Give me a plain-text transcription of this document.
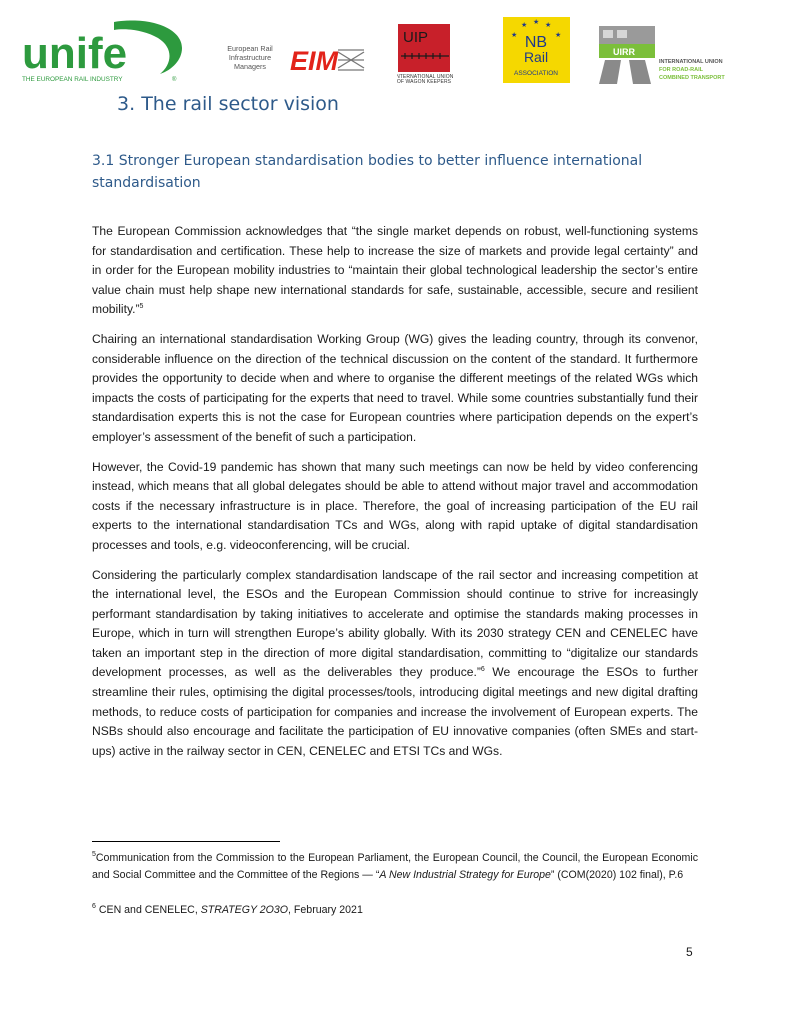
unife
THE EUROPEAN RAIL INDUSTRY	®
European Rail
Infrastructure
Managers EIM
UIP
INTERNATIONAL UNION
OF WAGON KEEPERS
★ ★ ★
★	★
NB
Rail
ASSOCIATION
UIRR
INTERNATIONAL UNION
FOR ROAD-RAIL
COMBINED TRANSPORT
3. The rail sector vision
3.1 Stronger European standardisation bodies to better influence international standardisation

The European Commission acknowledges that “the single market depends on robust, well-functioning systems for standardisation and certification. These help to increase the size of markets and provide legal certainty” and in order for the European mobility industries to “maintain their global technological leadership the sector’s entire value chain must help shape new international standards for safe, sustainable, accessible, secure and resilient mobility.”$^5$

Chairing an international standardisation Working Group (WG) gives the leading country, through its convenor, considerable influence on the direction of the technical discussion on the content of the standard. It furthermore provides the opportunity to decide when and where to organise the different meetings of the related WGs which impacts the costs of participating for the experts that need to travel. While some countries substantially fund their standardisation experts this is not the case for European countries where participation depends on the expert’s employer’s assessment of the benefit of such a participation.

However, the Covid-19 pandemic has shown that many such meetings can now be held by video conferencing instead, which means that all global delegates should be able to attend without major travel and accommodation costs if the necessary infrastructure is in place. Therefore, the goal of increasing participation of the EU rail experts to the international standardisation TCs and WGs, along with rapid uptake of digital standardisation processes and tools, e.g. videoconferencing, will be crucial.

Considering the particularly complex standardisation landscape of the rail sector and increasing competition at the international level, the ESOs and the European Commission should continue to strive for increasingly performant standardisation by taking initiatives to accelerate and optimise the standards making processes in Europe, which in turn will strengthen Europe’s ability globally. With its 2030 strategy CEN and CENELEC have taken an important step in the direction of more digital standardisation, committing to “digitalize our standards development processes, as well as the deliverables they produce.”$^6$ We encourage the ESOs to further streamline their rules, optimising the digital processes/tools, introducing digital meetings and new digital drafting methods, to reduce costs of participation for companies and increase the involvement of European experts. The NSBs should also encourage and facilitate the participation of EU innovative companies (often SMEs and start-ups) active in the railway sector in CEN, CENELEC and ETSI TCs and WGs.

$^5$Communication from the Commission to the European Parliament, the European Council, the Council, the European Economic and Social Committee and the Committee of the Regions — “A New Industrial Strategy for Europe” (COM(2020) 102 final), P.6

$^6$ CEN and CENELEC, STRATEGY 2O3O, February 2021

5
